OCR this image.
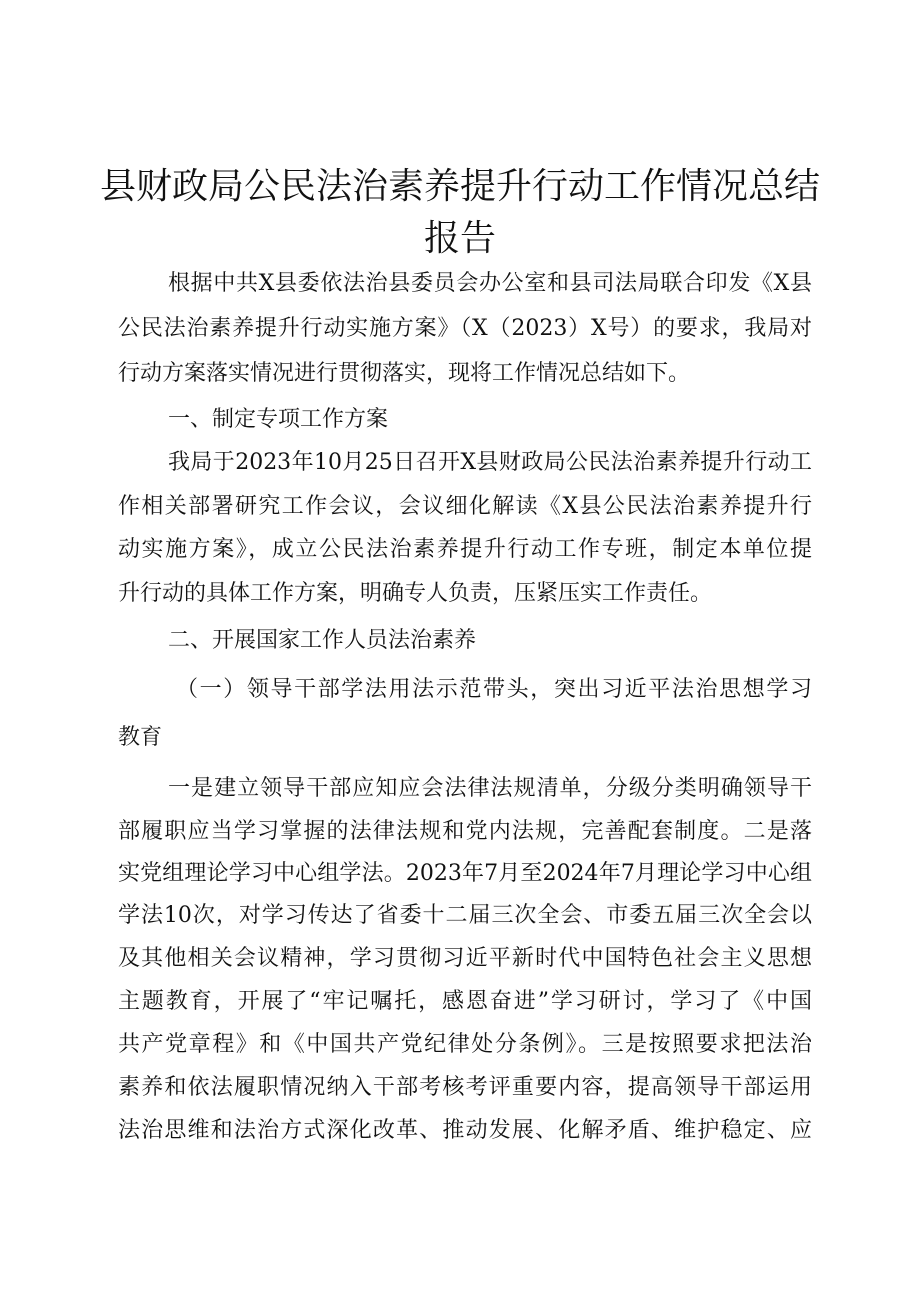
县财政局公民法治素养提升行动工作情况总结
报告
根据中共X县委依法治县委员会办公室和县司法局联合印发《X县
公民法治素养提升行动实施方案》（X（2023）X号）的要求，我局对
行动方案落实情况进行贯彻落实，现将工作情况总结如下。
一、制定专项工作方案
我局于2023年10月25日召开X县财政局公民法治素养提升行动工
作相关部署研究工作会议，会议细化解读《X县公民法治素养提升行
动实施方案》，成立公民法治素养提升行动工作专班，制定本单位提
升行动的具体工作方案，明确专人负责，压紧压实工作责任。
二、开展国家工作人员法治素养
（一）领导干部学法用法示范带头，突出习近平法治思想学习
教育
一是建立领导干部应知应会法律法规清单，分级分类明确领导干
部履职应当学习掌握的法律法规和党内法规，完善配套制度。二是落
实党组理论学习中心组学法。2023年7月至2024年7月理论学习中心组
学法10次，对学习传达了省委十二届三次全会、市委五届三次全会以
及其他相关会议精神，学习贯彻习近平新时代中国特色社会主义思想
主题教育，开展了“牢记嘱托，感恩奋进”学习研讨，学习了《中国
共产党章程》和《中国共产党纪律处分条例》。三是按照要求把法治
素养和依法履职情况纳入干部考核考评重要内容，提高领导干部运用
法治思维和法治方式深化改革、推动发展、化解矛盾、维护稳定、应
